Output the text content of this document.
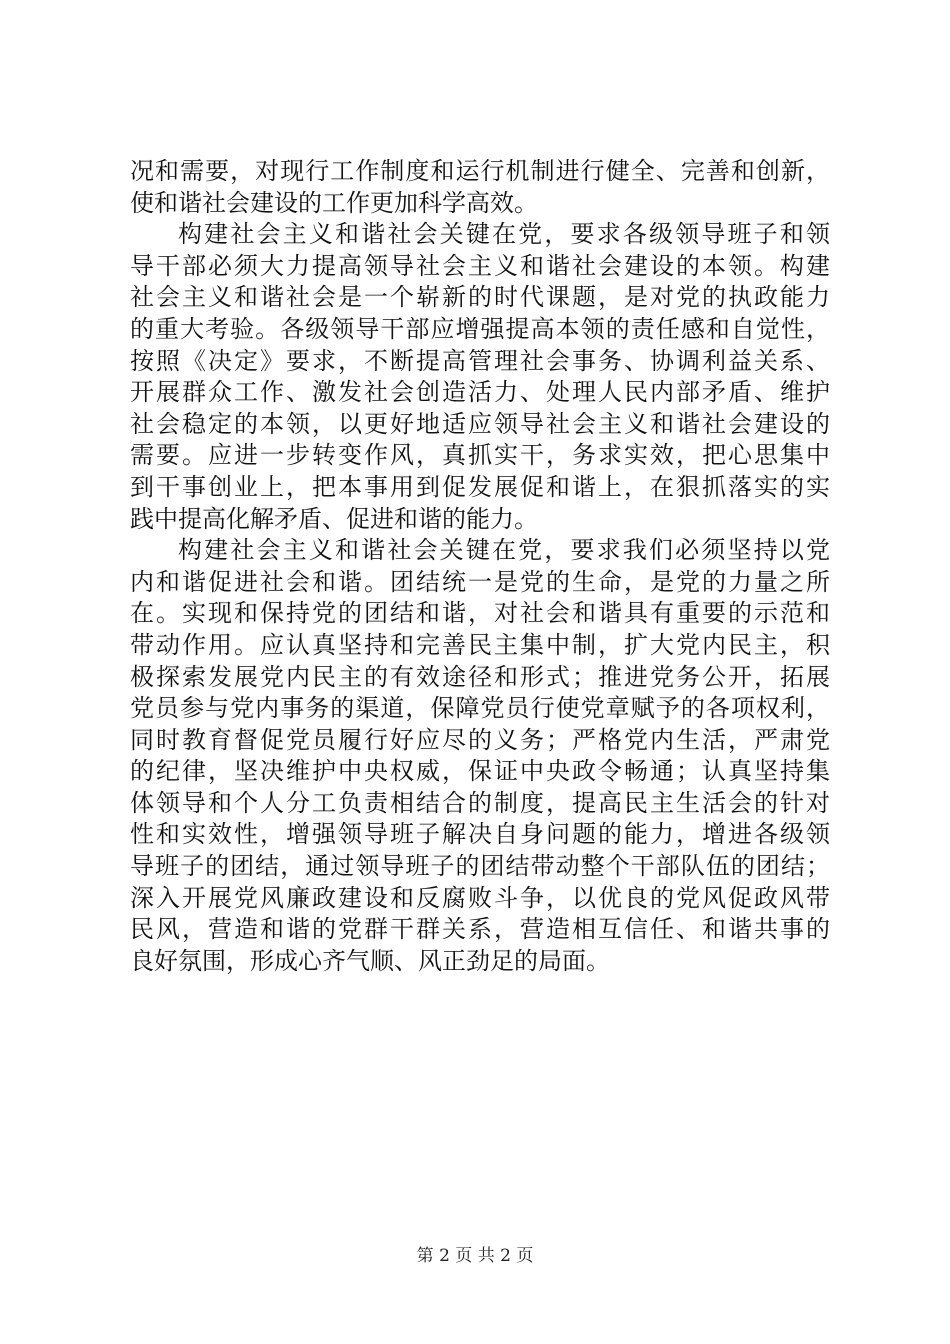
况和需要，对现行工作制度和运行机制进行健全、完善和创新，
使和谐社会建设的工作更加科学高效。
构建社会主义和谐社会关键在党，要求各级领导班子和领
导干部必须大力提高领导社会主义和谐社会建设的本领。构建
社会主义和谐社会是一个崭新的时代课题，是对党的执政能力
的重大考验。各级领导干部应增强提高本领的责任感和自觉性，
按照《决定》要求，不断提高管理社会事务、协调利益关系、
开展群众工作、激发社会创造活力、处理人民内部矛盾、维护
社会稳定的本领，以更好地适应领导社会主义和谐社会建设的
需要。应进一步转变作风，真抓实干，务求实效，把心思集中
到干事创业上，把本事用到促发展促和谐上，在狠抓落实的实
践中提高化解矛盾、促进和谐的能力。
构建社会主义和谐社会关键在党，要求我们必须坚持以党
内和谐促进社会和谐。团结统一是党的生命，是党的力量之所
在。实现和保持党的团结和谐，对社会和谐具有重要的示范和
带动作用。应认真坚持和完善民主集中制，扩大党内民主，积
极探索发展党内民主的有效途径和形式；推进党务公开，拓展
党员参与党内事务的渠道，保障党员行使党章赋予的各项权利，
同时教育督促党员履行好应尽的义务；严格党内生活，严肃党
的纪律，坚决维护中央权威，保证中央政令畅通；认真坚持集
体领导和个人分工负责相结合的制度，提高民主生活会的针对
性和实效性，增强领导班子解决自身问题的能力，增进各级领
导班子的团结，通过领导班子的团结带动整个干部队伍的团结；
深入开展党风廉政建设和反腐败斗争，以优良的党风促政风带
民风，营造和谐的党群干群关系，营造相互信任、和谐共事的
良好氛围，形成心齐气顺、风正劲足的局面。
第 2 页 共 2 页
